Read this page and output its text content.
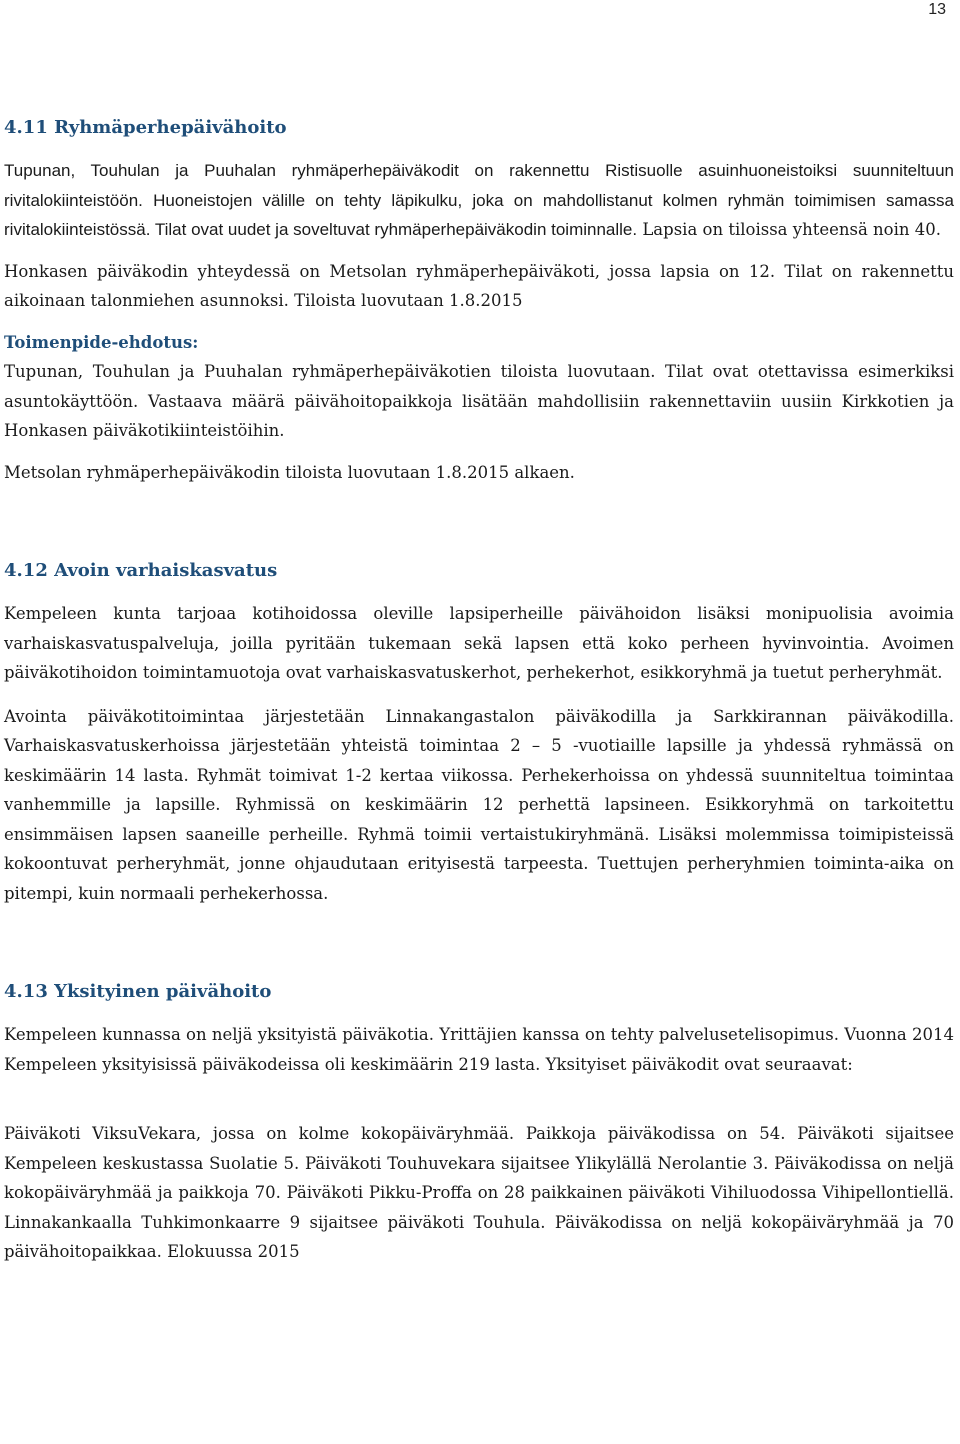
13
4.11 Ryhmäperhepäivähoito

Tupunan, Touhulan ja Puuhalan ryhmäperhepäiväkodit on rakennettu Ristisuolle asuinhuoneistoiksi suunniteltuun rivitalokiinteistöön. Huoneistojen välille on tehty läpikulku, joka on mahdollistanut kolmen ryhmän toimimisen samassa rivitalokiinteistössä. Tilat ovat uudet ja soveltuvat ryhmäperhepäiväkodin toiminnalle. Lapsia on tiloissa yhteensä noin 40.

Honkasen päiväkodin yhteydessä on Metsolan ryhmäperhepäiväkoti, jossa lapsia on 12. Tilat on rakennettu aikoinaan talonmiehen asunnoksi. Tiloista luovutaan 1.8.2015

Toimenpide-ehdotus:
Tupunan, Touhulan ja Puuhalan ryhmäperhepäiväkotien tiloista luovutaan. Tilat ovat otettavissa esimerkiksi asuntokäyttöön. Vastaava määrä päivähoitopaikkoja lisätään mahdollisiin rakennettaviin uusiin Kirkkotien ja Honkasen päiväkotikiinteistöihin.

Metsolan ryhmäperhepäiväkodin tiloista luovutaan 1.8.2015 alkaen.

4.12 Avoin varhaiskasvatus

Kempeleen kunta tarjoaa kotihoidossa oleville lapsiperheille päivähoidon lisäksi monipuolisia avoimia varhaiskasvatuspalveluja, joilla pyritään tukemaan sekä lapsen että koko perheen hyvinvointia. Avoimen päiväkotihoidon toimintamuotoja ovat varhaiskasvatuskerhot, perhekerhot, esikkoryhmä ja tuetut perheryhmät.

Avointa päiväkotitoimintaa järjestetään Linnakangastalon päiväkodilla ja Sarkkirannan päiväkodilla. Varhaiskasvatuskerhoissa järjestetään yhteistä toimintaa 2 – 5 -vuotiaille lapsille ja yhdessä ryhmässä on keskimäärin 14 lasta. Ryhmät toimivat 1-2 kertaa viikossa. Perhekerhoissa on yhdessä suunniteltua toimintaa vanhemmille ja lapsille. Ryhmissä on keskimäärin 12 perhettä lapsineen. Esikkoryhmä on tarkoitettu ensimmäisen lapsen saaneille perheille. Ryhmä toimii vertaistukiryhmänä. Lisäksi molemmissa toimipisteissä kokoontuvat perheryhmät, jonne ohjaudutaan erityisestä tarpeesta. Tuettujen perheryhmien toiminta-aika on pitempi, kuin normaali perhekerhossa.

4.13 Yksityinen päivähoito

Kempeleen kunnassa on neljä yksityistä päiväkotia. Yrittäjien kanssa on tehty palvelusetelisopimus. Vuonna 2014 Kempeleen yksityisissä päiväkodeissa oli keskimäärin 219 lasta. Yksityiset päiväkodit ovat seuraavat:

Päiväkoti ViksuVekara, jossa on kolme kokopäiväryhmää. Paikkoja päiväkodissa on 54. Päiväkoti sijaitsee Kempeleen keskustassa Suolatie 5. Päiväkoti Touhuvekara sijaitsee Ylikylällä Nerolantie 3. Päiväkodissa on neljä kokopäiväryhmää ja paikkoja 70. Päiväkoti Pikku-Proffa on 28 paikkainen päiväkoti Vihiluodossa Vihipellontiellä. Linnakankaalla Tuhkimonkaarre 9 sijaitsee päiväkoti Touhula. Päiväkodissa on neljä kokopäiväryhmää ja 70 päivähoitopaikkaa. Elokuussa 2015
